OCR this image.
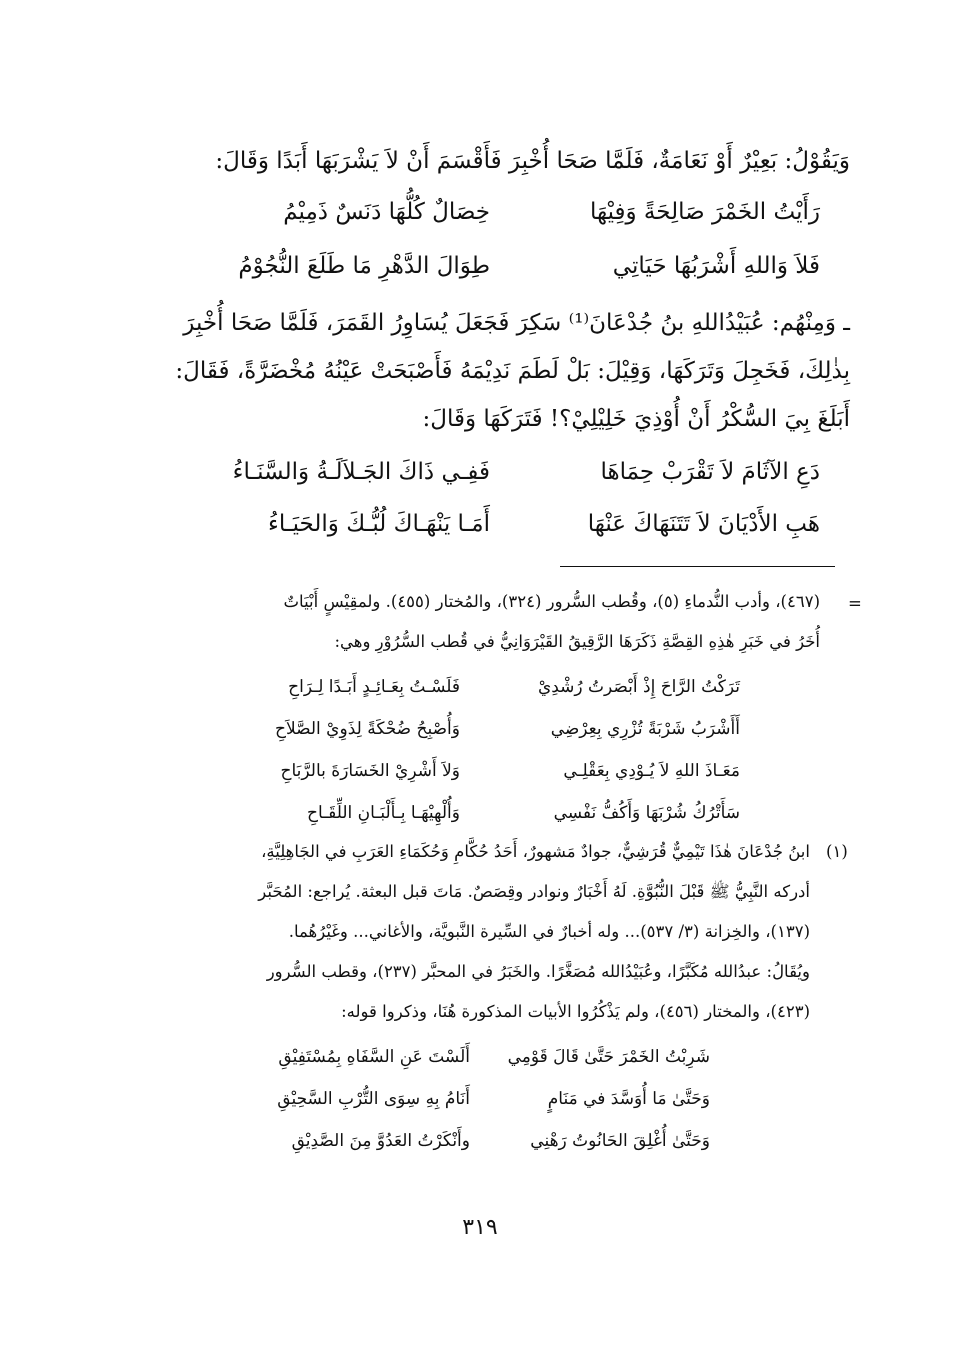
وَيَقُوْلُ: بَعِيْرٌ أَوْ نَعَامَةٌ، فَلَمَّا صَحَا أُخْبِرَ فَأَقْسَمَ أَنْ لاَ يَشْرَبَهَا أَبَدًا وَقَالَ:
رَأَيْتُ الخَمْرَ صَالِحَةً وَفِيْهَا
خِصَالٌ كُلُّهَا دَنَسٌ ذَمِيْمُ
فَلاَ وَاللهِ أَشْرَبُهَا حَيَاتِي
طِوَالَ الدَّهْرِ مَا طَلَعَ النُّجُوْمُ
ـ وَمِنْهُم: عُبَيْدُاللهِ بنُ جُدْعَانَ⁽¹⁾ سَكِرَ فَجَعَلَ يُسَاوِرُ القَمَرَ، فَلَمَّا صَحَا أُخْبِرَ
بِذٰلِكَ، فَخَجِلَ وَتَرَكَهَا، وَقِيْلَ: بَلْ لَطَمَ نَدِيْمَهُ فَأَصْبَحَتْ عَيْنُهُ مُخْضَرَّةً، فَقَالَ:
أَبَلَغَ بِيَ السُّكْرُ أَنْ أُوْذِيَ خَلِيْلِيْ؟! فَتَرَكَهَا وَقَالَ:
دَعِ الآثَامَ لاَ تَقْرَبْ حِمَاهَا
فَفِـي ذَاكَ الجَـلاَلَـةُ وَالسَّنَـاءُ
هَبِ الأَدْيَانَ لاَ تَتَنَهَاكَ عَنْهَا
أَمَـا يَنْهَـاكَ لُبُّـكَ وَالحَيَـاءُ
=
(٤٦٧)، وأدب النُّدماءِ (٥)، وقُطب السُّرور (٣٢٤)، والمُختار (٤٥٥). ولمقِيْسٍ أَبْيَاتٌ
أُخَرُ في خَبَرِ هٰذِهِ القِصَّةِ ذَكَرَهَا الرَّقِيقُ القَيْرَوَانِيُّ في قُطب السُّرُوْرِ وهي:
تَرَكْتُ الرَّاحَ إِذْ أَبْصَرتُ رُشْدِيْ
فَلَسْـتُ بِعَـائِـدٍ أَبَـدًا لِـرَاحِ
أَأَشْرَبُ شَرْبَةً تُزْرِي بِعِرْضِي
وَأُصْبِحُ ضُحْكَةً لِذَوِيْ الصَّلاَحِ
مَعَـاذَ اللهِ لاَ يُـوْدِي بِعَقْلِـي
وَلاَ أَشْرِيْ الخَسَارَةَ بالرَّبَاحِ
سَأَتْرُكُ شُرْبَهَا وَأَكُفُّ نَفْسِي
وَأُلْهِيْهَـا بِـأَلْبَـانِ اللِّقَـاحِ
(١)
ابنُ جُدْعَانَ هٰذَا تَيْمِيٌّ قُرَشِيٌّ، جوادٌ مَشهورٌ، أَحَدُ حُكَّامِ وَحُكَمَاءِ العَرَبِ في الجَاهِلِيَّةِ،
أدركه النَّبِيُّ ﷺ قَبْلَ النُّبُوَّةِ. لَهُ أَخْبَارٌ ونوادر وقِصَصٌ. مَاتَ قبل البعثة. يُراجع: المُحَبَّر
(١٣٧)، والخِزانة (٣/ ٥٣٧)... وله أخبارٌ في السِّيرة النَّبويَّة، والأغاني... وغَيْرُهُما.
ويُقَالُ: عبدُالله مُكَبَّرًا، وعُبَيْدُالله مُصَغَّرًا. والخَبَرُ في المحبَّر (٢٣٧)، وقطب السُّرور
(٤٢٣)، والمختار (٤٥٦)، ولم يَذْكُرُوا الأبيات المذكورة هُنَا، وذكروا قوله:
شَرِبْتُ الخَمْرَ حَتَّىٰ قَالَ قَوْمِي
أَلَسْتَ عَنِ السَّفَاهِ بِمُسْتَفِيْقِ
وَحَتَّىٰ مَا أُوَسَّدَ في مَنَامٍ
أَنَامُ بِهِ سِوَى التُّرْبِ السَّحِيْقِ
وَحَتَّىٰ أُغْلِقَ الحَانُوتُ رَهْنِي
وأَنْكَرْتُ العَدُوَّ مِنَ الصَّدِيْقِ
٣١٩
